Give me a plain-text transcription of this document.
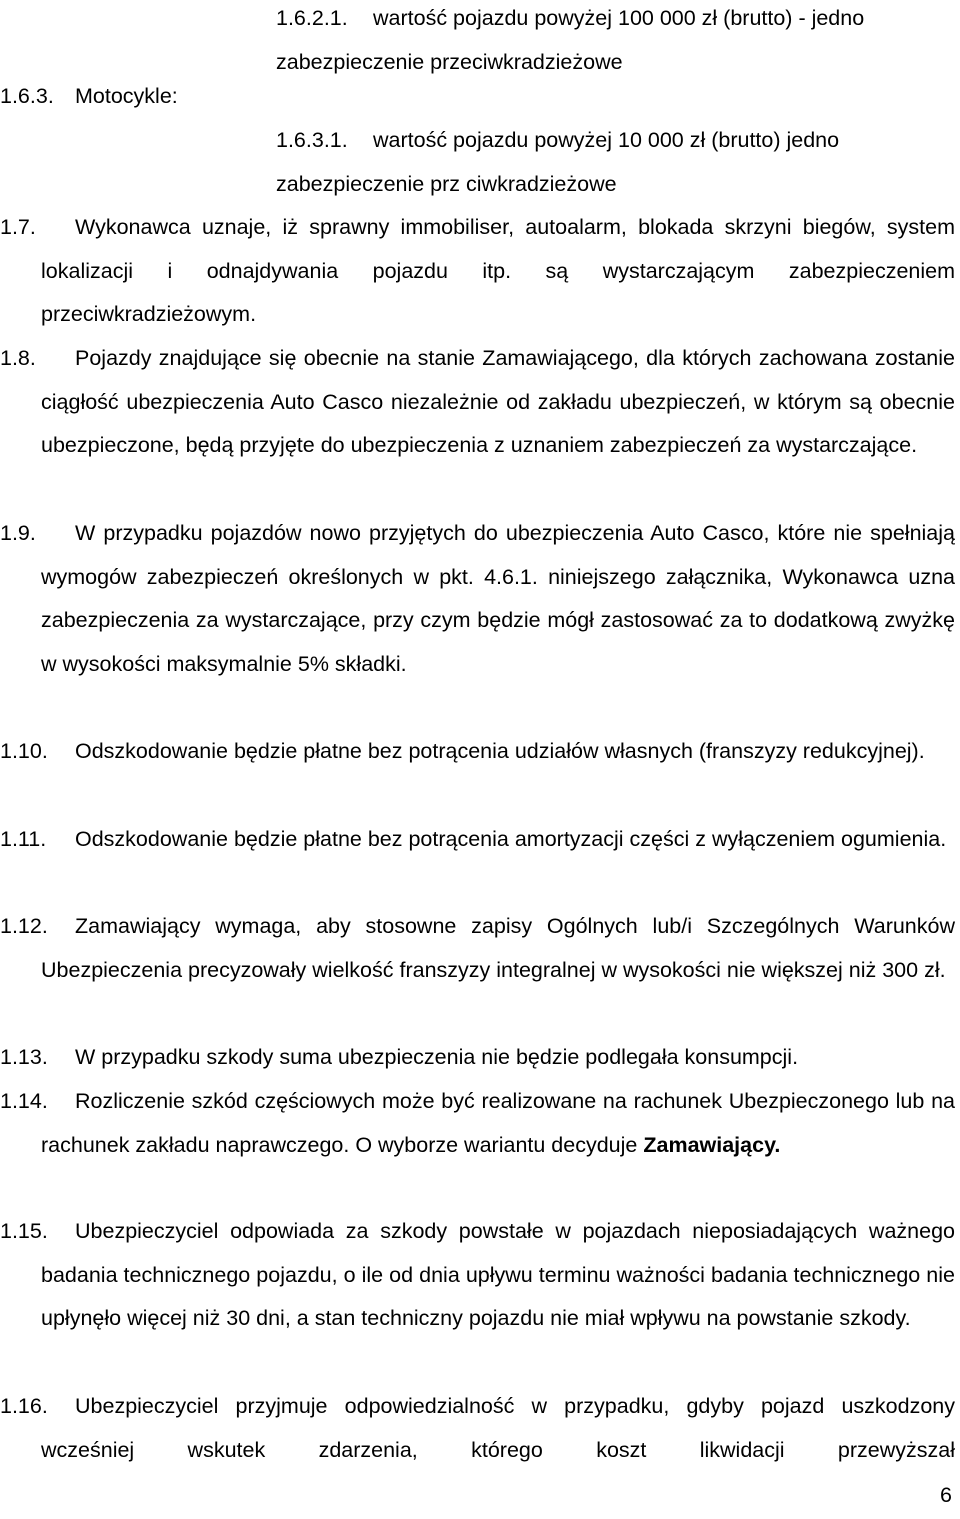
1.6.2.1.	wartość pojazdu powyżej 100 000 zł (brutto) - jedno zabezpieczenie przeciwkradzieżowe
1.6.3. Motocykle:
1.6.3.1.	wartość pojazdu powyżej 10 000 zł (brutto) jedno zabezpieczenie prz ciwkradzieżowe
1.7.	Wykonawca uznaje, iż sprawny immobiliser, autoalarm, blokada skrzyni biegów, system lokalizacji i odnajdywania pojazdu itp. są wystarczającym zabezpieczeniem przeciwkradzieżowym.
1.8.	Pojazdy znajdujące się obecnie na stanie Zamawiającego, dla których zachowana zostanie ciągłość ubezpieczenia Auto Casco niezależnie od zakładu ubezpieczeń, w którym są obecnie ubezpieczone, będą przyjęte do ubezpieczenia z uznaniem zabezpieczeń za wystarczające.
1.9.	W przypadku pojazdów nowo przyjętych do ubezpieczenia Auto Casco, które nie spełniają wymogów zabezpieczeń określonych w pkt. 4.6.1. niniejszego załącznika, Wykonawca uzna zabezpieczenia za wystarczające, przy czym będzie mógł zastosować za to dodatkową zwyżkę w wysokości maksymalnie 5% składki.
1.10.	Odszkodowanie będzie płatne bez potrącenia udziałów własnych (franszyzy redukcyjnej).
1.11.	Odszkodowanie będzie płatne bez potrącenia amortyzacji części z wyłączeniem ogumienia.
1.12.	Zamawiający wymaga, aby stosowne zapisy Ogólnych lub/i Szczególnych Warunków Ubezpieczenia precyzowały wielkość franszyzy integralnej w wysokości nie większej niż 300 zł.
1.13.	W przypadku szkody suma ubezpieczenia nie będzie podlegała konsumpcji.
1.14.	Rozliczenie szkód częściowych może być realizowane na rachunek Ubezpieczonego lub na rachunek zakładu naprawczego. O wyborze wariantu decyduje Zamawiający.
1.15.	Ubezpieczyciel odpowiada za szkody powstałe w pojazdach nieposiadających ważnego badania technicznego pojazdu, o ile od dnia upływu terminu ważności badania technicznego nie upłynęło więcej niż 30 dni, a stan techniczny pojazdu nie miał wpływu na powstanie szkody.
1.16.	Ubezpieczyciel przyjmuje odpowiedzialność w przypadku, gdyby pojazd uszkodzony wcześniej wskutek zdarzenia, którego koszt likwidacji przewyższał
6
